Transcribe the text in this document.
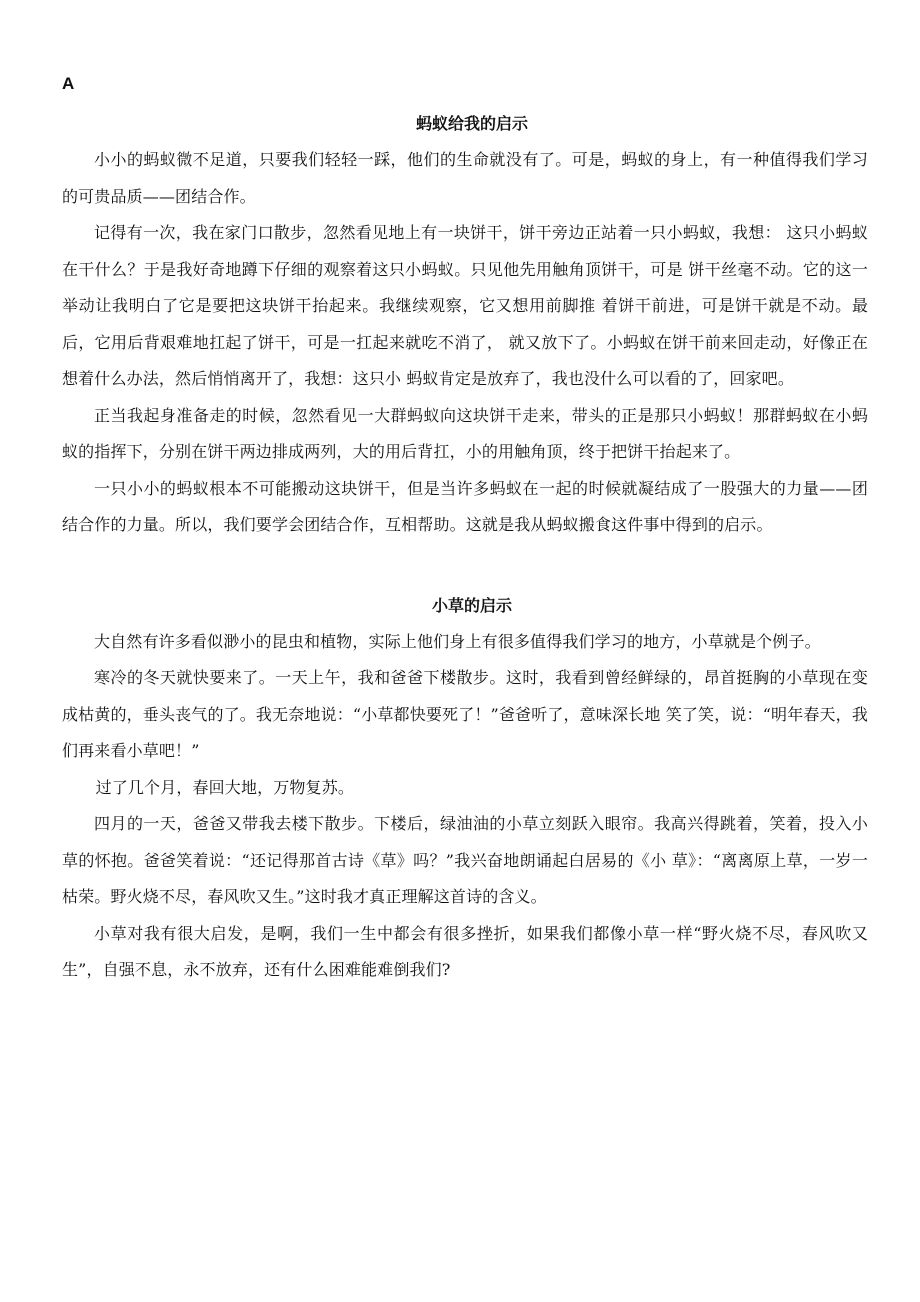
A
蚂蚁给我的启示

小小的蚂蚁微不足道，只要我们轻轻一踩，他们的生命就没有了。可是，蚂蚁的身上，有一种值得我们学习的可贵品质——团结合作。

记得有一次，我在家门口散步，忽然看见地上有一块饼干，饼干旁边正站着一只小蚂蚁，我想： 这只小蚂蚁在干什么？于是我好奇地蹲下仔细的观察着这只小蚂蚁。只见他先用触角顶饼干，可是 饼干丝毫不动。它的这一举动让我明白了它是要把这块饼干抬起来。我继续观察，它又想用前脚推 着饼干前进，可是饼干就是不动。最后，它用后背艰难地扛起了饼干，可是一扛起来就吃不消了， 就又放下了。小蚂蚁在饼干前来回走动，好像正在想着什么办法，然后悄悄离开了，我想：这只小 蚂蚁肯定是放弃了，我也没什么可以看的了，回家吧。

正当我起身准备走的时候，忽然看见一大群蚂蚁向这块饼干走来，带头的正是那只小蚂蚁！那群蚂蚁在小蚂蚁的指挥下，分别在饼干两边排成两列，大的用后背扛，小的用触角顶，终于把饼干抬起来了。

一只小小的蚂蚁根本不可能搬动这块饼干，但是当许多蚂蚁在一起的时候就凝结成了一股强大的力量——团结合作的力量。所以，我们要学会团结合作，互相帮助。这就是我从蚂蚁搬食这件事中得到的启示。

小草的启示

大自然有许多看似渺小的昆虫和植物，实际上他们身上有很多值得我们学习的地方，小草就是个例子。

寒冷的冬天就快要来了。一天上午，我和爸爸下楼散步。这时，我看到曾经鲜绿的，昂首挺胸的小草现在变成枯黄的，垂头丧气的了。我无奈地说：“小草都快要死了！”爸爸听了，意味深长地 笑了笑，说：“明年春天，我们再来看小草吧！”

过了几个月，春回大地，万物复苏。

四月的一天，爸爸又带我去楼下散步。下楼后，绿油油的小草立刻跃入眼帘。我高兴得跳着，笑着，投入小草的怀抱。爸爸笑着说：“还记得那首古诗《草》吗？”我兴奋地朗诵起白居易的《小 草》：“离离原上草，一岁一枯荣。野火烧不尽，春风吹又生。”这时我才真正理解这首诗的含义。

小草对我有很大启发，是啊，我们一生中都会有很多挫折，如果我们都像小草一样“野火烧不尽，春风吹又生”，自强不息，永不放弃，还有什么困难能难倒我们?
